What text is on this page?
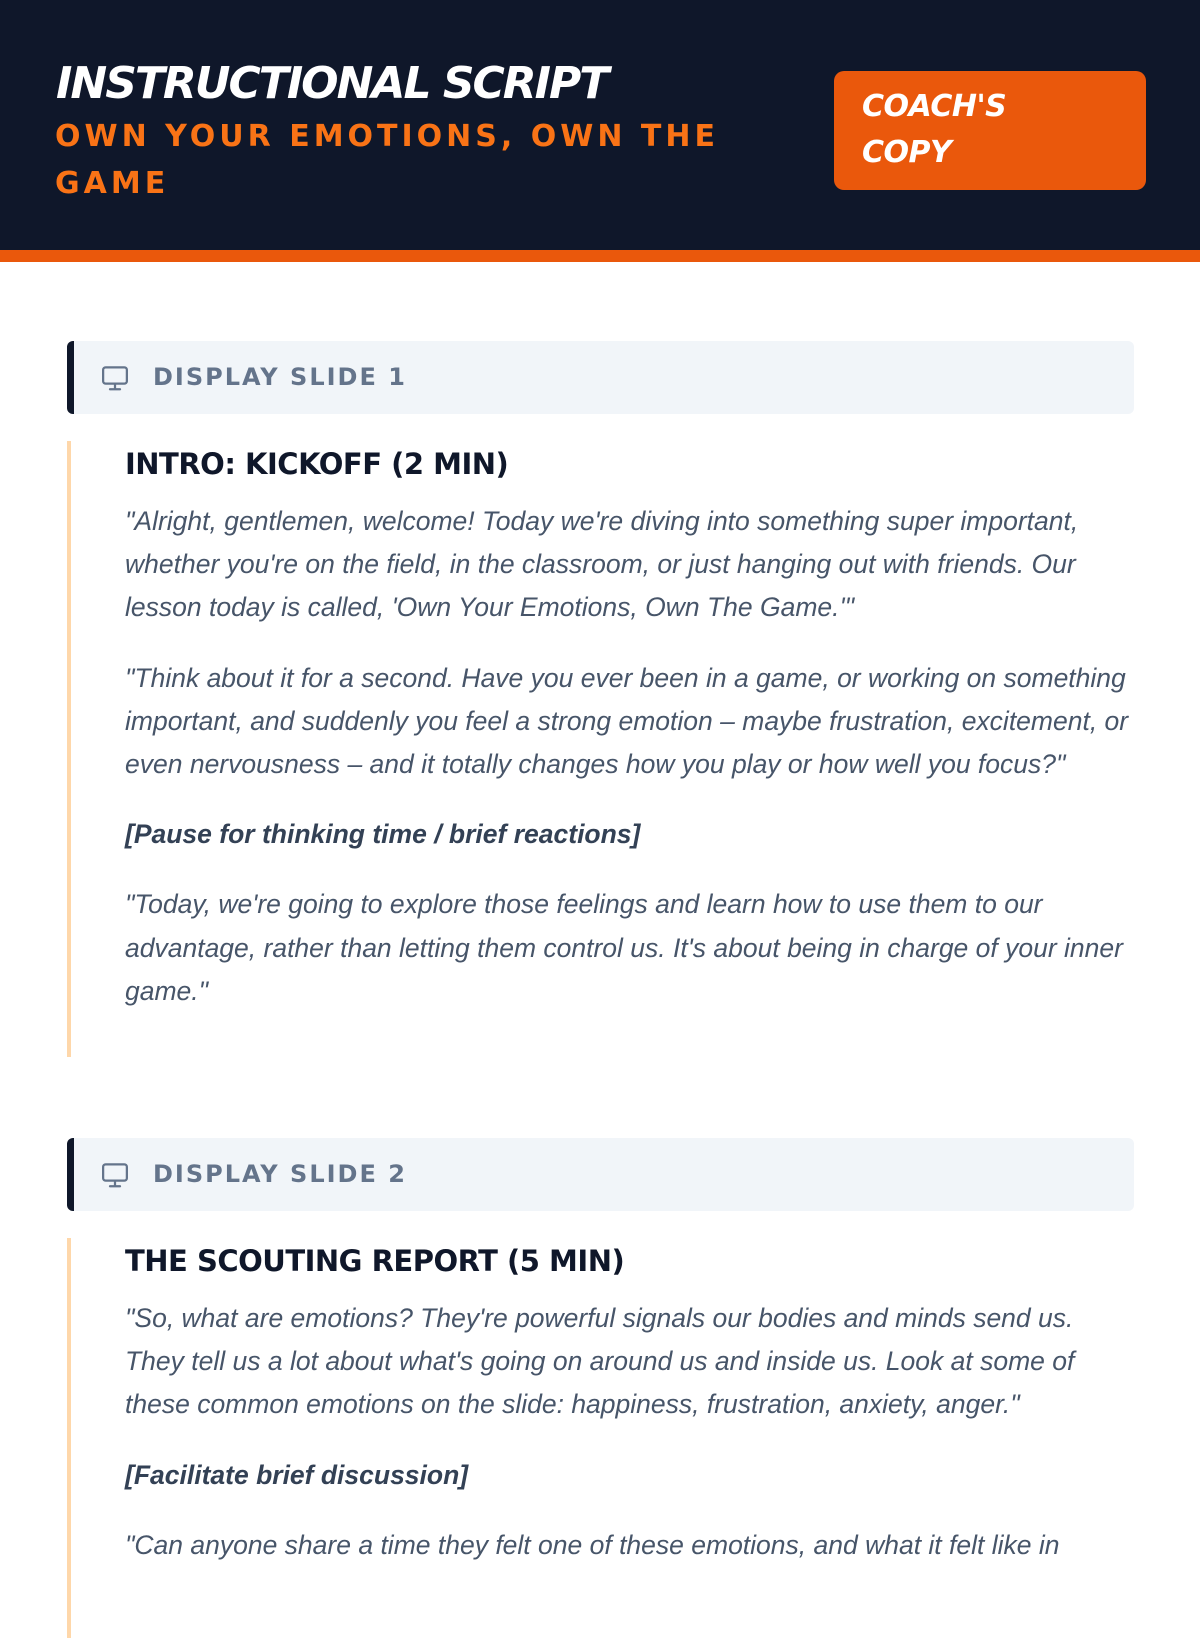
INSTRUCTIONAL SCRIPT
OWN YOUR EMOTIONS, OWN THE GAME
COACH'S
COPY
DISPLAY SLIDE 1
INTRO: KICKOFF (2 MIN)

"Alright, gentlemen, welcome! Today we're diving into something super important, whether you're on the field, in the classroom, or just hanging out with friends. Our lesson today is called, 'Own Your Emotions, Own The Game.'"

"Think about it for a second. Have you ever been in a game, or working on something important, and suddenly you feel a strong emotion – maybe frustration, excitement, or even nervousness – and it totally changes how you play or how well you focus?"

[Pause for thinking time / brief reactions]

"Today, we're going to explore those feelings and learn how to use them to our advantage, rather than letting them control us. It's about being in charge of your inner game."

DISPLAY SLIDE 2
THE SCOUTING REPORT (5 MIN)

"So, what are emotions? They're powerful signals our bodies and minds send us. They tell us a lot about what's going on around us and inside us. Look at some of these common emotions on the slide: happiness, frustration, anxiety, anger."

[Facilitate brief discussion]

"Can anyone share a time they felt one of these emotions, and what it felt like in
